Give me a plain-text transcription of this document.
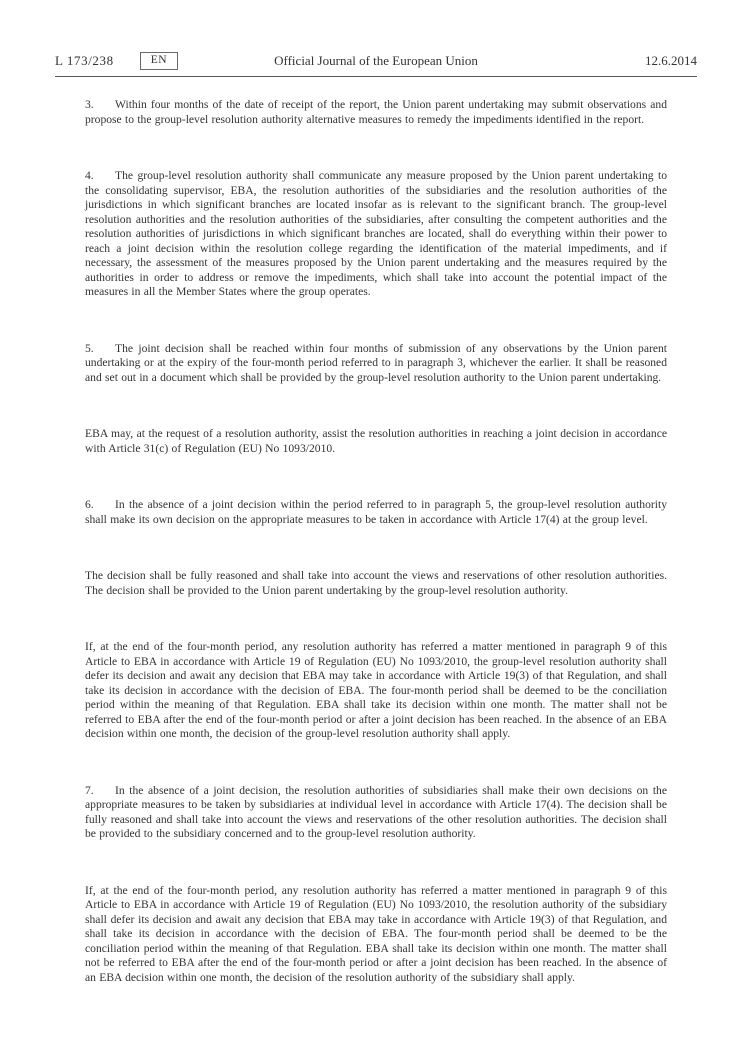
L 173/238	EN	Official Journal of the European Union	12.6.2014

3. Within four months of the date of receipt of the report, the Union parent undertaking may submit observations and propose to the group-level resolution authority alternative measures to remedy the impediments identified in the report.

4. The group-level resolution authority shall communicate any measure proposed by the Union parent undertaking to the consolidating supervisor, EBA, the resolution authorities of the subsidiaries and the resolution authorities of the jurisdictions in which significant branches are located insofar as is relevant to the significant branch. The group-level resolution authorities and the resolution authorities of the subsidiaries, after consulting the competent authorities and the resolution authorities of jurisdictions in which significant branches are located, shall do everything within their power to reach a joint decision within the resolution college regarding the identification of the material impediments, and if necessary, the assessment of the measures proposed by the Union parent undertaking and the measures required by the authorities in order to address or remove the impediments, which shall take into account the potential impact of the measures in all the Member States where the group operates.

5. The joint decision shall be reached within four months of submission of any observations by the Union parent undertaking or at the expiry of the four-month period referred to in paragraph 3, whichever the earlier. It shall be reasoned and set out in a document which shall be provided by the group-level resolution authority to the Union parent undertaking.

EBA may, at the request of a resolution authority, assist the resolution authorities in reaching a joint decision in accordance with Article 31(c) of Regulation (EU) No 1093/2010.

6. In the absence of a joint decision within the period referred to in paragraph 5, the group-level resolution authority shall make its own decision on the appropriate measures to be taken in accordance with Article 17(4) at the group level.

The decision shall be fully reasoned and shall take into account the views and reservations of other resolution authorities. The decision shall be provided to the Union parent undertaking by the group-level resolution authority.

If, at the end of the four-month period, any resolution authority has referred a matter mentioned in paragraph 9 of this Article to EBA in accordance with Article 19 of Regulation (EU) No 1093/2010, the group-level resolution authority shall defer its decision and await any decision that EBA may take in accordance with Article 19(3) of that Regulation, and shall take its decision in accordance with the decision of EBA. The four-month period shall be deemed to be the conciliation period within the meaning of that Regulation. EBA shall take its decision within one month. The matter shall not be referred to EBA after the end of the four-month period or after a joint decision has been reached. In the absence of an EBA decision within one month, the decision of the group-level resolution authority shall apply.

7. In the absence of a joint decision, the resolution authorities of subsidiaries shall make their own decisions on the appropriate measures to be taken by subsidiaries at individual level in accordance with Article 17(4). The decision shall be fully reasoned and shall take into account the views and reservations of the other resolution authorities. The decision shall be provided to the subsidiary concerned and to the group-level resolution authority.

If, at the end of the four-month period, any resolution authority has referred a matter mentioned in paragraph 9 of this Article to EBA in accordance with Article 19 of Regulation (EU) No 1093/2010, the resolution authority of the subsidiary shall defer its decision and await any decision that EBA may take in accordance with Article 19(3) of that Regulation, and shall take its decision in accordance with the decision of EBA. The four-month period shall be deemed to be the conciliation period within the meaning of that Regulation. EBA shall take its decision within one month. The matter shall not be referred to EBA after the end of the four-month period or after a joint decision has been reached. In the absence of an EBA decision within one month, the decision of the resolution authority of the subsidiary shall apply.
